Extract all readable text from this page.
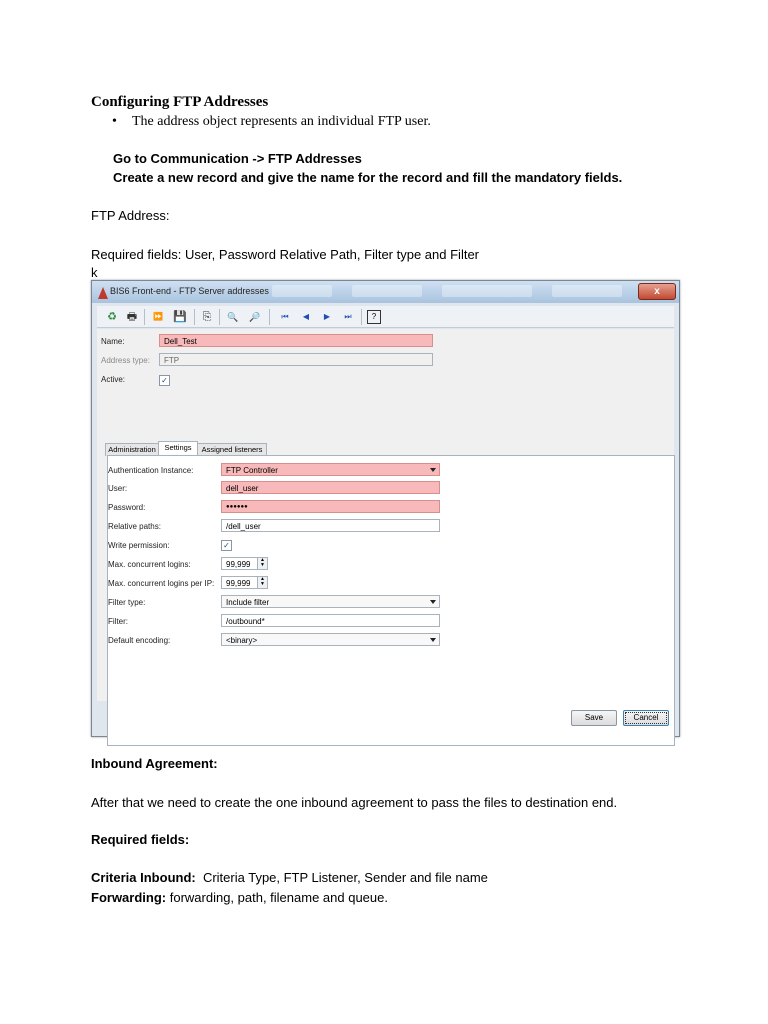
Configuring FTP Addresses
• The address object represents an individual FTP user.
Go to Communication -> FTP Addresses
Create a new record and give the name for the record and fill the mandatory fields.
FTP Address:
Required fields: User, Password Relative Path, Filter type and Filter
k
BIS6 Front-end - FTP Server addresses	x
♻ 🖶	⏩ 💾	⎘	🔍 🔎	⏮	◀	▶	⏭	?
Name:	Dell_Test
Address type:	FTP
Active:	✓
Administration	Settings	Assigned listeners
Authentication Instance:	FTP Controller
User:	dell_user
Password:	●●●●●●
Relative paths:	/dell_user
Write permission:	✓
Max. concurrent logins:	99,999	▲
▼
Max. concurrent logins per IP:	99,999	▲
▼
Filter type:	Include filter
Filter:	/outbound*
Default encoding:	<binary>
Save	Cancel
Inbound Agreement:
After that we need to create the one inbound agreement to pass the files to destination end.
Required fields:
Criteria Inbound:  Criteria Type, FTP Listener, Sender and file name
Forwarding: forwarding, path, filename and queue.
